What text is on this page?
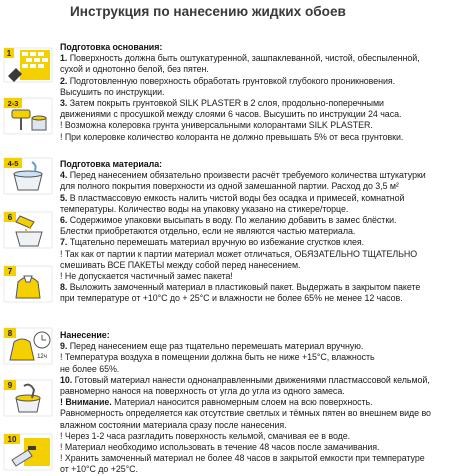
Инструкция по нанесению жидких обоев
1
2-3
4-5
6
7
8
12ч
9
10
Подготовка основания:
1. Поверхность должна быть оштукатуренной, зашпаклеванной, чистой, обеспыленной,
сухой и однотонно белой, без пятен.
2. Подготовленную поверхность обработать грунтовкой глубокого проникновения.
Высушить по инструкции.
3. Затем покрыть грунтовкой SILK PLASTER в 2 слоя, продольно-поперечными
движениями с просушкой между слоями 6 часов. Высушить по инструкции 24 часа.
! Возможна колеровка грунта универсальными колорантами SILK PLASTER.
! При колеровке количество колоранта не должно превышать 5% от веса грунтовки.
Подготовка материала:
4. Перед нанесением обязательно произвести расчёт требуемого количества штукатурки
для полного покрытия поверхности из одной замешанной партии. Расход до 3,5 м²
5. В пластмассовую емкость налить чистой воды без осадка и примесей, комнатной
температуры. Количество воды на упаковку указано на стикере/торце.
6. Содержимое упаковки высыпать в воду. По желанию добавить в замес блёстки.
Блестки приобретаются отдельно, если не являются частью материала.
7. Тщательно перемешать материал вручную во избежание сгустков клея.
! Так как от партии к партии материал может отличаться, ОБЯЗАТЕЛЬНО ТЩАТЕЛЬНО
смешивать ВСЕ ПАКЕТЫ между собой перед нанесением.
! Не допускается частичный замес пакета!
8. Выложить замоченный материал в пластиковый пакет. Выдержать в закрытом пакете
при температуре от +10°С до + 25°С и влажности не более 65% не менее 12 часов.
Нанесение:
9. Перед нанесением еще раз тщательно перемешать материал вручную.
! Температура воздуха в помещении должна быть не ниже +15°С, влажность
не более 65%.
10. Готовый материал нанести однонаправленными движениями пластмассовой кельмой,
равномерно нанося на поверхность от угла до угла из одного замеса.
! Внимание. Материал наносится равномерным слоем на всю поверхность.
Равномерность определяется как отсутствие светлых и тёмных пятен во внешнем виде во
влажном состоянии материала сразу после нанесения.
! Через 1-2 часа разгладить поверхность кельмой, смачивая ее в воде.
! Материал необходимо использовать в течение 48 часов после замачивания.
! Хранить замоченный материал не более 48 часов в закрытой емкости при температуре
от +10°С до +25°С.
